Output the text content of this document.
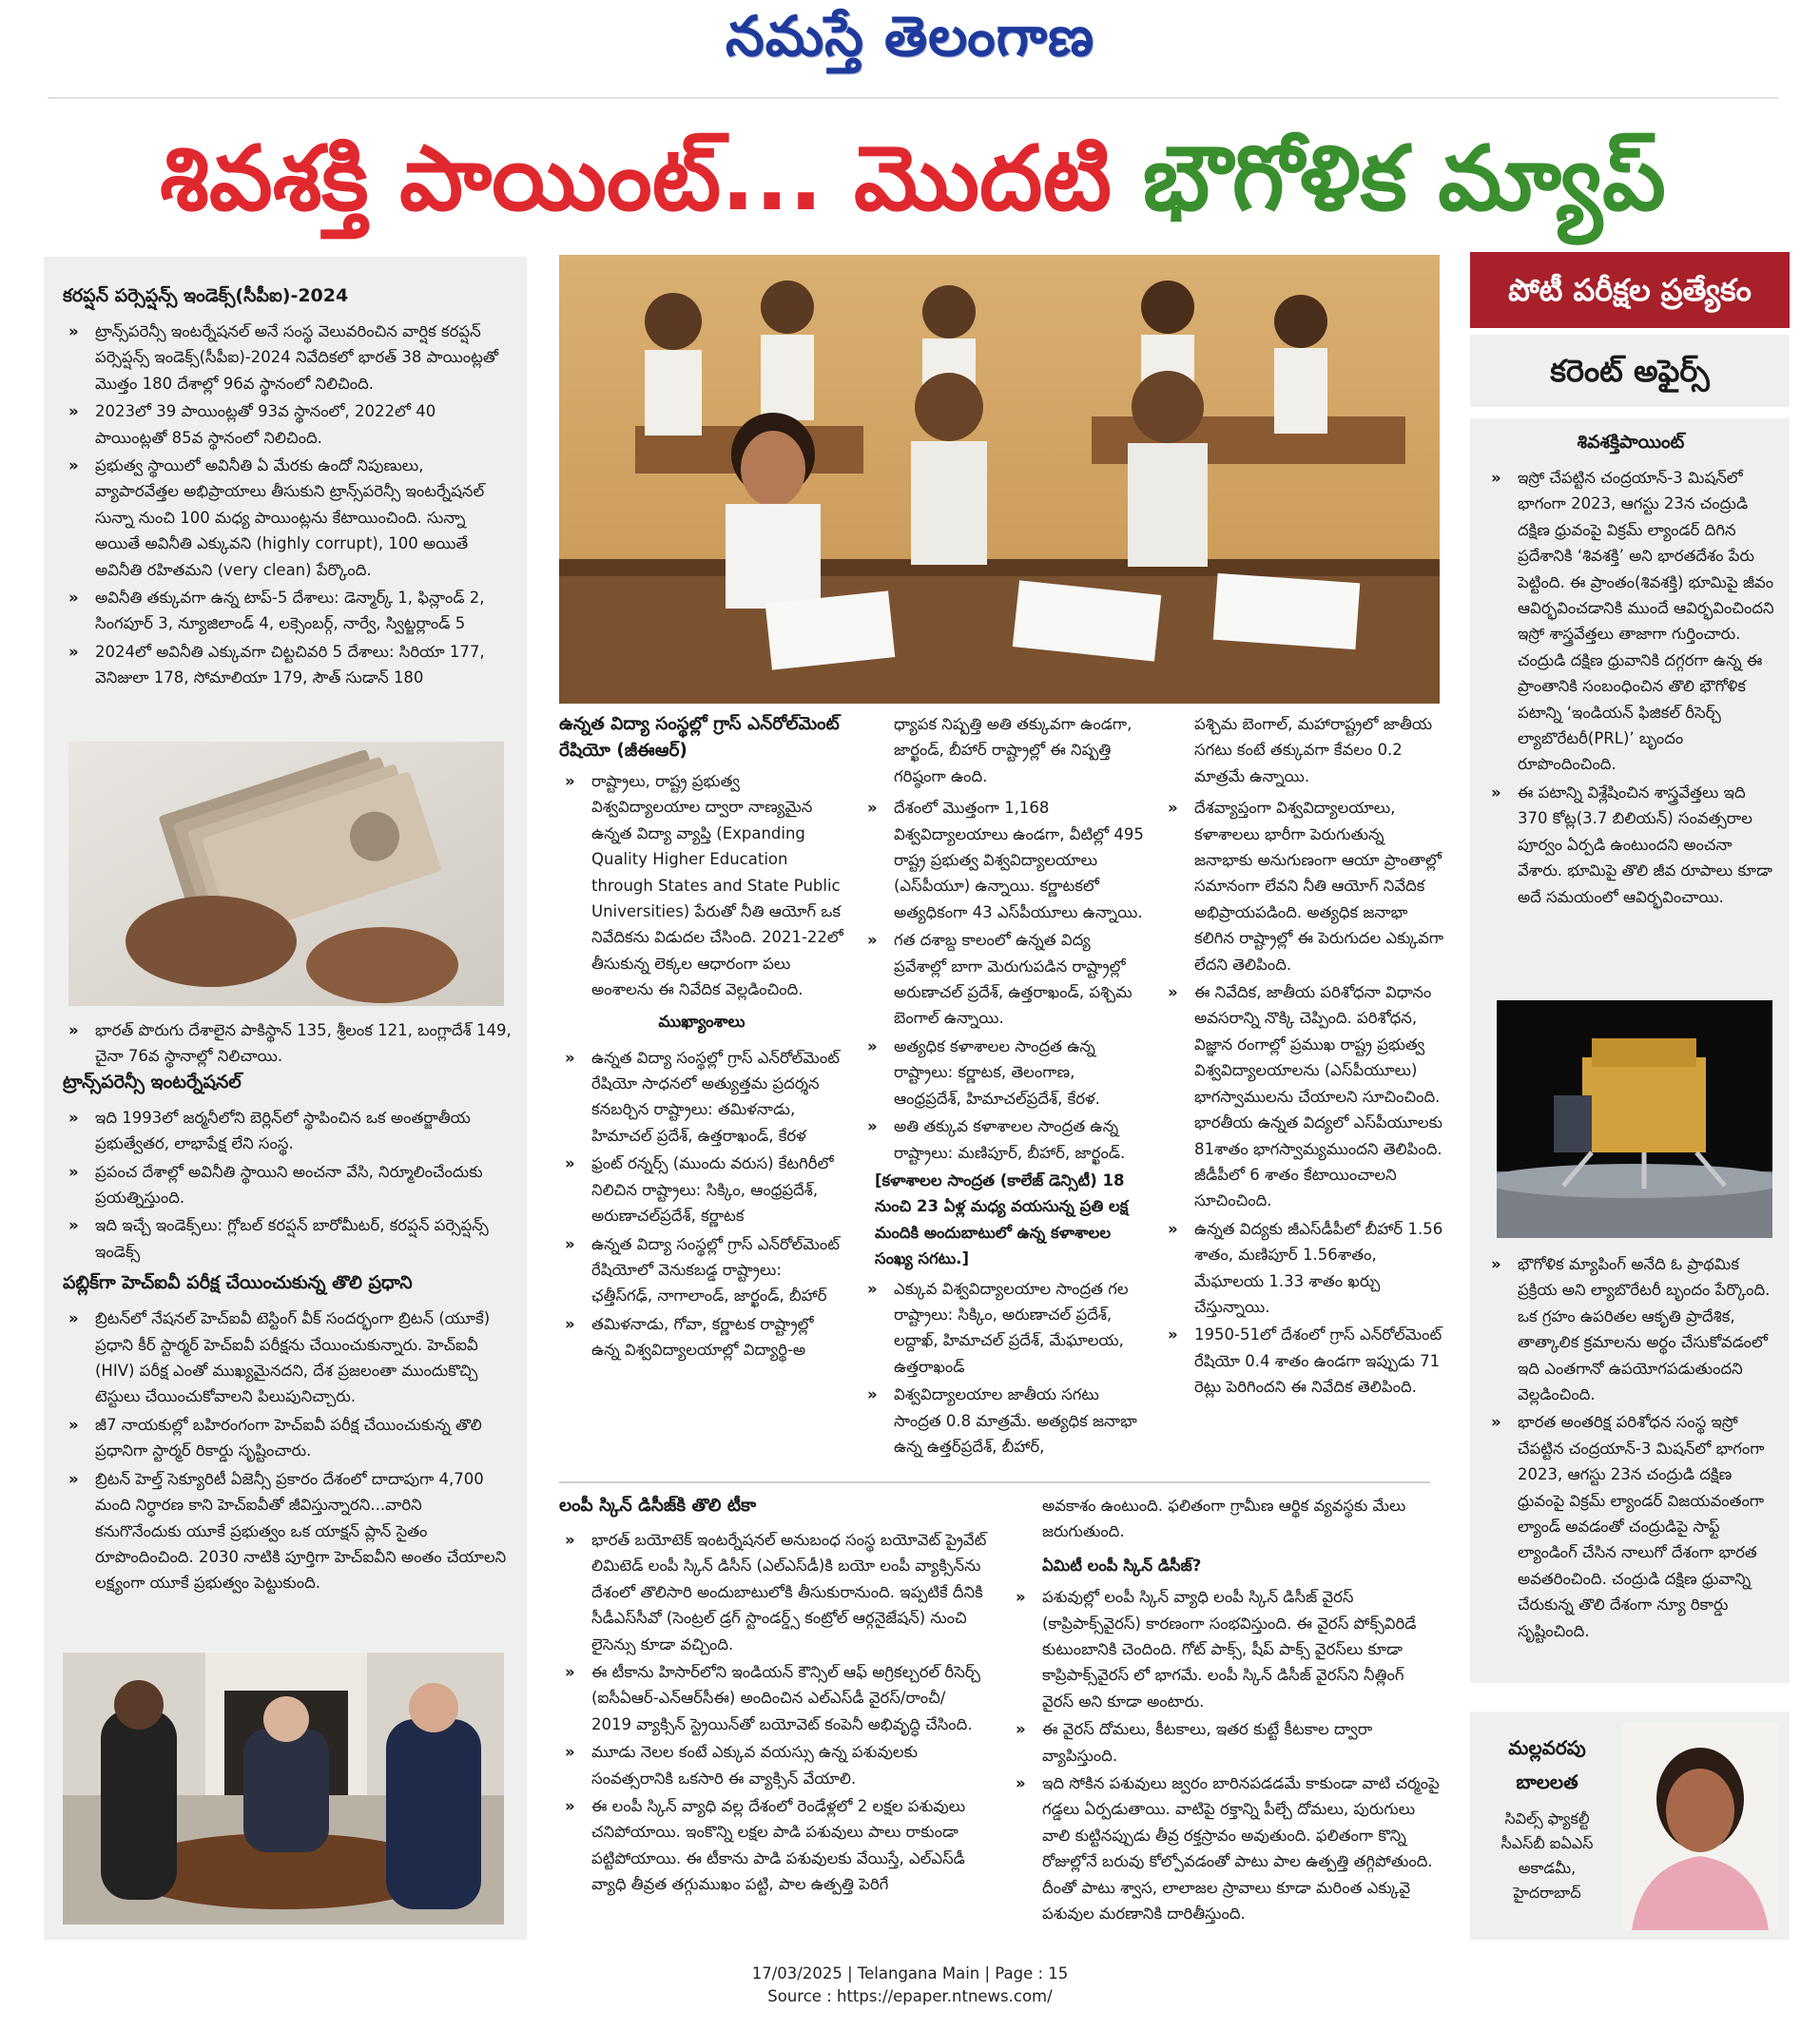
నమస్తే తెలంగాణ
శివశక్తి పాయింట్... మొదటి భౌగోళిక మ్యాప్
కరప్షన్ పర్సెప్షన్స్ ఇండెక్స్(సీపీఐ)-2024
» ట్రాన్స్‌పరెన్సీ ఇంటర్నేషనల్ అనే సంస్థ వెలువరించిన వార్షిక కరప్షన్ పర్సెప్షన్స్ ఇండెక్స్(సీపీఐ)-2024 నివేదికలో భారత్ 38 పాయింట్లతో మొత్తం 180 దేశాల్లో 96వ స్థానంలో నిలిచింది.
» 2023లో 39 పాయింట్లతో 93వ స్థానంలో, 2022లో 40 పాయింట్లతో 85వ స్థానంలో నిలిచింది.
» ప్రభుత్వ స్థాయిలో అవినీతి ఏ మేరకు ఉందో నిపుణులు, వ్యాపారవేత్తల అభిప్రాయాలు తీసుకుని ట్రాన్స్‌పరెన్సీ ఇంటర్నేషనల్ సున్నా నుంచి 100 మధ్య పాయింట్లను కేటాయించింది. సున్నా అయితే అవినీతి ఎక్కువని (highly corrupt), 100 అయితే అవినీతి రహితమని (very clean) పేర్కొంది.
» అవినీతి తక్కువగా ఉన్న టాప్-5 దేశాలు: డెన్మార్క్ 1, ఫిన్లాండ్ 2, సింగపూర్ 3, న్యూజిలాండ్ 4, లక్సెంబర్గ్, నార్వే, స్విట్జర్లాండ్ 5
» 2024లో అవినీతి ఎక్కువగా చిట్టచివరి 5 దేశాలు: సిరియా 177, వెనిజులా 178, సోమాలియా 179, సౌత్ సుడాన్ 180
» భారత్ పొరుగు దేశాలైన పాకిస్థాన్ 135, శ్రీలంక 121, బంగ్లాదేశ్ 149, చైనా 76వ స్థానాల్లో నిలిచాయి.
ట్రాన్స్‌పరెన్సీ ఇంటర్నేషనల్
» ఇది 1993లో జర్మనీలోని బెర్లిన్‌లో స్థాపించిన ఒక అంతర్జాతీయ ప్రభుత్వేతర, లాభాపేక్ష లేని సంస్థ.
» ప్రపంచ దేశాల్లో అవినీతి స్థాయిని అంచనా వేసి, నిర్మూలించేందుకు ప్రయత్నిస్తుంది.
» ఇది ఇచ్చే ఇండెక్స్‌లు: గ్లోబల్ కరప్షన్ బారోమీటర్, కరప్షన్ పర్సెప్షన్స్ ఇండెక్స్
పబ్లిక్‌గా హెచ్‌ఐవీ పరీక్ష చేయించుకున్న తొలి ప్రధాని
» బ్రిటన్‌లో నేషనల్ హెచ్‌ఐవీ టెస్టింగ్ వీక్ సందర్భంగా బ్రిటన్ (యూకే) ప్రధాని కీర్ స్టార్మర్ హెచ్‌ఐవీ పరీక్షను చేయించుకున్నారు. హెచ్‌ఐవీ (HIV) పరీక్ష ఎంతో ముఖ్యమైనదని, దేశ ప్రజలంతా ముందుకొచ్చి టెస్టులు చేయించుకోవాలని పిలుపునిచ్చారు.
» జీ7 నాయకుల్లో బహిరంగంగా హెచ్‌ఐవీ పరీక్ష చేయించుకున్న తొలి ప్రధానిగా స్టార్మర్ రికార్డు సృష్టించారు.
» బ్రిటన్ హెల్త్ సెక్యూరిటీ ఏజెన్సీ ప్రకారం దేశంలో దాదాపుగా 4,700 మంది నిర్ధారణ కాని హెచ్‌ఐవీతో జీవిస్తున్నారని...వారిని కనుగొనేందుకు యూకే ప్రభుత్వం ఒక యాక్షన్ ప్లాన్ సైతం రూపొందించింది. 2030 నాటికి పూర్తిగా హెచ్‌ఐవీని అంతం చేయాలని లక్ష్యంగా యూకే ప్రభుత్వం పెట్టుకుంది.
ఉన్నత విద్యా సంస్థల్లో గ్రాస్ ఎన్‌రోల్‌మెంట్ రేషియో (జీఈఆర్)
» రాష్ట్రాలు, రాష్ట్ర ప్రభుత్వ విశ్వవిద్యాలయాల ద్వారా నాణ్యమైన ఉన్నత విద్యా వ్యాప్తి (Expanding Quality Higher Education through States and State Public Universities) పేరుతో నీతి ఆయోగ్ ఒక నివేదికను విడుదల చేసింది. 2021-22లో తీసుకున్న లెక్కల ఆధారంగా పలు అంశాలను ఈ నివేదిక వెల్లడించింది.
ముఖ్యాంశాలు
» ఉన్నత విద్యా సంస్థల్లో గ్రాస్ ఎన్‌రోల్‌మెంట్ రేషియో సాధనలో అత్యుత్తమ ప్రదర్శన కనబర్చిన రాష్ట్రాలు: తమిళనాడు, హిమాచల్ ప్రదేశ్, ఉత్తరాఖండ్, కేరళ
» ఫ్రంట్ రన్నర్స్ (ముందు వరుస) కేటగిరీలో నిలిచిన రాష్ట్రాలు: సిక్కిం, ఆంధ్రప్రదేశ్, అరుణాచల్‌ప్రదేశ్, కర్ణాటక
» ఉన్నత విద్యా సంస్థల్లో గ్రాస్ ఎన్‌రోల్‌మెంట్ రేషియోలో వెనుకబడ్డ రాష్ట్రాలు: ఛత్తీస్‌గఢ్, నాగాలాండ్, జార్ఖండ్, బీహార్
» తమిళనాడు, గోవా, కర్ణాటక రాష్ట్రాల్లో ఉన్న విశ్వవిద్యాలయాల్లో విద్యార్థి-అ
ధ్యాపక నిష్పత్తి అతి తక్కువగా ఉండగా, జార్ఖండ్, బీహార్ రాష్ట్రాల్లో ఈ నిష్పత్తి గరిష్ఠంగా ఉంది.
» దేశంలో మొత్తంగా 1,168 విశ్వవిద్యాలయాలు ఉండగా, వీటిల్లో 495 రాష్ట్ర ప్రభుత్వ విశ్వవిద్యాలయాలు (ఎస్‌పీయూ) ఉన్నాయి. కర్ణాటకలో అత్యధికంగా 43 ఎస్‌పీయూలు ఉన్నాయి.
» గత దశాబ్ద కాలంలో ఉన్నత విద్య ప్రవేశాల్లో బాగా మెరుగుపడిన రాష్ట్రాల్లో అరుణాచల్ ప్రదేశ్, ఉత్తరాఖండ్, పశ్చిమ బెంగాల్ ఉన్నాయి.
» అత్యధిక కళాశాలల సాంద్రత ఉన్న రాష్ట్రాలు: కర్ణాటక, తెలంగాణ, ఆంధ్రప్రదేశ్, హిమాచల్‌ప్రదేశ్, కేరళ.
» అతి తక్కువ కళాశాలల సాంద్రత ఉన్న రాష్ట్రాలు: మణిపూర్, బీహార్, జార్ఖండ్.
[కళాశాలల సాంద్రత (కాలేజ్ డెన్సిటీ) 18 నుంచి 23 ఏళ్ల మధ్య వయసున్న ప్రతి లక్ష మందికి అందుబాటులో ఉన్న కళాశాలల సంఖ్య సగటు.]
» ఎక్కువ విశ్వవిద్యాలయాల సాంద్రత గల రాష్ట్రాలు: సిక్కిం, అరుణాచల్ ప్రదేశ్, లద్దాఖ్, హిమాచల్ ప్రదేశ్, మేఘాలయ, ఉత్తరాఖండ్
» విశ్వవిద్యాలయాల జాతీయ సగటు సాంద్రత 0.8 మాత్రమే. అత్యధిక జనాభా ఉన్న ఉత్తర్‌ప్రదేశ్, బీహార్,
పశ్చిమ బెంగాల్, మహారాష్ట్రలో జాతీయ సగటు కంటే తక్కువగా కేవలం 0.2 మాత్రమే ఉన్నాయి.
» దేశవ్యాప్తంగా విశ్వవిద్యాలయాలు, కళాశాలలు భారీగా పెరుగుతున్న జనాభాకు అనుగుణంగా ఆయా ప్రాంతాల్లో సమానంగా లేవని నీతి ఆయోగ్ నివేదిక అభిప్రాయపడింది. అత్యధిక జనాభా కలిగిన రాష్ట్రాల్లో ఈ పెరుగుదల ఎక్కువగా లేదని తెలిపింది.
» ఈ నివేదిక, జాతీయ పరిశోధనా విధానం అవసరాన్ని నొక్కి చెప్పింది. పరిశోధన, విజ్ఞాన రంగాల్లో ప్రముఖ రాష్ట్ర ప్రభుత్వ విశ్వవిద్యాలయాలను (ఎస్‌పీయూలు) భాగస్వాములను చేయాలని సూచించింది. భారతీయ ఉన్నత విద్యలో ఎస్‌పీయూలకు 81శాతం భాగస్వామ్యముందని తెలిపింది. జీడీపీలో 6 శాతం కేటాయించాలని సూచించింది.
» ఉన్నత విద్యకు జీఎస్‌డీపీలో బీహార్ 1.56 శాతం, మణిపూర్ 1.56శాతం, మేఘాలయ 1.33 శాతం ఖర్చు చేస్తున్నాయి.
» 1950-51లో దేశంలో గ్రాస్ ఎన్‌రోల్‌మెంట్ రేషియో 0.4 శాతం ఉండగా ఇప్పుడు 71 రెట్లు పెరిగిందని ఈ నివేదిక తెలిపింది.
లంపీ స్కిన్ డిసీజ్‌కి తొలి టీకా
» భారత్ బయోటెక్ ఇంటర్నేషనల్ అనుబంధ సంస్థ బయోవెట్ ప్రైవేట్ లిమిటెడ్ లంపీ స్కిన్ డిసీస్ (ఎల్‌ఎస్‌డీ)కి బయో లంపీ వ్యాక్సిన్‌ను దేశంలో తొలిసారి అందుబాటులోకి తీసుకురానుంది. ఇప్పటికే దీనికి సీడీఎస్‌సీవో (సెంట్రల్ డ్రగ్ స్టాండర్డ్స్ కంట్రోల్ ఆర్గనైజేషన్) నుంచి లైసెన్సు కూడా వచ్చింది.
» ఈ టీకాను హిసార్‌లోని ఇండియన్ కౌన్సిల్ ఆఫ్ అగ్రికల్చరల్ రీసెర్చ్ (ఐసీఏఆర్-ఎన్‌ఆర్‌సీఈ) అందించిన ఎల్‌ఎస్‌డీ వైరస్/రాంచీ/ 2019 వ్యాక్సిన్ స్ట్రెయిన్‌తో బయోవెట్ కంపెనీ అభివృద్ధి చేసింది.
» మూడు నెలల కంటే ఎక్కువ వయస్సు ఉన్న పశువులకు సంవత్సరానికి ఒకసారి ఈ వ్యాక్సిన్ వేయాలి.
» ఈ లంపీ స్కిన్ వ్యాధి వల్ల దేశంలో రెండేళ్లలో 2 లక్షల పశువులు చనిపోయాయి. ఇంకొన్ని లక్షల పాడి పశువులు పాలు రాకుండా పట్టిపోయాయి. ఈ టీకాను పాడి పశువులకు వేయిస్తే, ఎల్‌ఎస్‌డీ వ్యాధి తీవ్రత తగ్గుముఖం పట్టి, పాల ఉత్పత్తి పెరిగే
అవకాశం ఉంటుంది. ఫలితంగా గ్రామీణ ఆర్థిక వ్యవస్థకు మేలు జరుగుతుంది.
ఏమిటీ లంపీ స్కిన్ డిసీజ్?
» పశువుల్లో లంపీ స్కిన్ వ్యాధి లంపీ స్కిన్ డిసీజ్ వైరస్ (కాప్రిపాక్స్‌వైరస్) కారణంగా సంభవిస్తుంది. ఈ వైరస్ పోక్స్‌విరిడే కుటుంబానికి చెందింది. గోట్ పాక్స్, షీప్ పాక్స్ వైరస్‌లు కూడా కాప్రిపాక్స్‌వైరస్ లో భాగమే. లంపీ స్కిన్ డిసీజ్ వైరస్‌ని నీత్లింగ్ వైరస్ అని కూడా అంటారు.
» ఈ వైరస్ దోమలు, కీటకాలు, ఇతర కుట్టే కీటకాల ద్వారా వ్యాపిస్తుంది.
» ఇది సోకిన పశువులు జ్వరం బారినపడడమే కాకుండా వాటి చర్మంపై గడ్డలు ఏర్పడుతాయి. వాటిపై రక్తాన్ని పీల్చే దోమలు, పురుగులు వాలి కుట్టినప్పుడు తీవ్ర రక్తస్రావం అవుతుంది. ఫలితంగా కొన్ని రోజుల్లోనే బరువు కోల్పోవడంతో పాటు పాల ఉత్పత్తి తగ్గిపోతుంది. దీంతో పాటు శ్వాస, లాలాజల స్రావాలు కూడా మరింత ఎక్కువై పశువుల మరణానికి దారితీస్తుంది.
పోటీ పరీక్షల ప్రత్యేకం
కరెంట్ అఫైర్స్
శివశక్తిపాయింట్
» ఇస్రో చేపట్టిన చంద్రయాన్-3 మిషన్‌లో భాగంగా 2023, ఆగస్టు 23న చంద్రుడి దక్షిణ ధ్రువంపై విక్రమ్ ల్యాండర్ దిగిన ప్రదేశానికి ‘శివశక్తి’ అని భారతదేశం పేరు పెట్టింది. ఈ ప్రాంతం(శివశక్తి) భూమిపై జీవం ఆవిర్భవించడానికి ముందే ఆవిర్భవించిందని ఇస్రో శాస్త్రవేత్తలు తాజాగా గుర్తించారు. చంద్రుడి దక్షిణ ధ్రువానికి దగ్గరగా ఉన్న ఈ ప్రాంతానికి సంబంధించిన తొలి భౌగోళిక పటాన్ని ‘ఇండియన్ ఫిజికల్ రీసెర్చ్ ల్యాబొరేటరీ(PRL)’ బృందం రూపొందించింది.
» ఈ పటాన్ని విశ్లేషించిన శాస్త్రవేత్తలు ఇది 370 కోట్ల(3.7 బిలియన్) సంవత్సరాల పూర్వం ఏర్పడి ఉంటుందని అంచనా వేశారు. భూమిపై తొలి జీవ రూపాలు కూడా అదే సమయంలో ఆవిర్భవించాయి.
» భౌగోళిక మ్యాపింగ్ అనేది ఓ ప్రాథమిక ప్రక్రియ అని ల్యాబొరేటరీ బృందం పేర్కొంది. ఒక గ్రహం ఉపరితల ఆకృతి ప్రాదేశిక, తాత్కాలిక క్రమాలను అర్థం చేసుకోవడంలో ఇది ఎంతగానో ఉపయోగపడుతుందని వెల్లడించింది.
» భారత అంతరిక్ష పరిశోధన సంస్థ ఇస్రో చేపట్టిన చంద్రయాన్-3 మిషన్‌లో భాగంగా 2023, ఆగస్టు 23న చంద్రుడి దక్షిణ ధ్రువంపై విక్రమ్ ల్యాండర్ విజయవంతంగా ల్యాండ్ అవడంతో చంద్రుడిపై సాఫ్ట్ ల్యాండింగ్ చేసిన నాలుగో దేశంగా భారత అవతరించింది. చంద్రుడి దక్షిణ ధ్రువాన్ని చేరుకున్న తొలి దేశంగా న్యూ రికార్డు సృష్టించింది.
మల్లవరపు
బాలలత
సివిల్స్ ఫ్యాకల్టీ
సీఎస్‌బీ ఐఏఎస్
అకాడమీ,
హైదరాబాద్
17/03/2025 | Telangana Main | Page : 15
Source : https://epaper.ntnews.com/
